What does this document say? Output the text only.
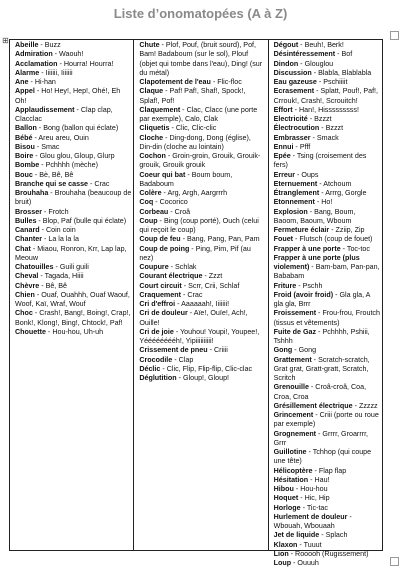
Liste d’onomatopées (A à Z)
⊞ Abeille - Buzz
Admiration - Waouh!
Acclamation - Hourra! Hourra!
Alarme - Iiiiiii, Iiiiiii
Ane - Hi-han
Appel - Ho! Hey!, Hep!, Ohé!, Eh Oh!
Applaudissement - Clap clap, Clacclac
Ballon - Bong (ballon qui éclate)
Bébé - Areu areu, Ouin
Bisou - Smac
Boire - Glou glou, Gloup, Glurp
Bombe - Pchhhh (mèche)
Bouc - Bè, Bê, Bê
Branche qui se casse - Crac
Brouhaha - Brouhaha (beaucoup de bruit)
Brosser - Frotch
Bulles - Blop, Paf (bulle qui éclate)
Canard - Coin coin
Chanter - La la la la
Chat - Miaou, Ronron, Krr, Lap lap, Meouw
Chatouilles - Guili guili
Cheval - Tagada, Hiiii
Chèvre - Bê, Bê
Chien - Ouaf, Ouahhh, Ouaf Waouf, Woof, Kaï, Wraf, Wouf
Choc - Crash!, Bang!, Boing!, Crap!, Bonk!, Klong!, Bing!, Chtock!, Paf!
Chouette - Hou-hou, Uh-uh
Chute - Plof, Pouf, (bruit sourd), Pof, Bam! Badaboum (sur le sol), Plouf (objet qui tombe dans l'eau), Ding! (sur du métal)
Clapotement de l'eau - Flic-floc
Claque - Paf! Paf!, Shaf!, Spock!, Splaf!, Pof!
Claquement - Clac, Clacc (une porte par exemple), Calo, Clak
Cliquetis - Clic, Clic-clic
Cloche - Ding-dong, Dong (église), Din-din (cloche au lointain)
Cochon - Groin-groin, Grouik, Grouik-grouik, Grouik grouik
Coeur qui bat - Boum boum, Badaboum
Colère - Arg, Argh, Aargrrrh
Coq - Cocorico
Corbeau - Croâ
Coup - Bing (coup porté), Ouch (celui qui reçoit le coup)
Coup de feu - Bang, Pang, Pan, Pam
Coup de poing - Ping, Pim, Pif (au nez)
Coupure - Schlak
Courant électrique - Zzzt
Court circuit - Scrr, Crii, Schlaf
Craquement - Crac
Cri d'effroi - Aaaaaah!, Iiiiiii!
Cri de douleur - Aïe!, Ouïe!, Ach!, Ouille!
Cri de joie - Youhou! Youpi!, Youpee!, Yééééééééh!, Yipiiiiiiiiii!
Crissement de pneu - Criiii
Crocodile - Clap
Déclic - Clic, Flip, Flip-flip, Clic-clac
Déglutition - Gloup!, Gloup!
Dégout - Beuh!, Berk!
Désintéressement - Bof
Dindon - Glouglou
Discussion - Blabla, Blablabla
Eau gazeuse - Pschiiiit
Ecrasement - Splatt, Pouf!, Paf!, Crrouk!, Crash!, Scrouitch!
Effort - Han!, Hisssssssss!
Electricité - Bzzzt
Électrocution - Bzzzt
Embrasser - Smack
Ennui - Pfff
Epée - Tsing (croisement des fers)
Erreur - Oups
Eternuement - Atchoum
Étranglement - Arrrg, Gorgle
Etonnement - Ho!
Explosion - Bang, Boum, Baoom, Baoum, Wboum
Fermeture éclair - Zziip, Zip
Fouet - Flutsch (coup de fouet)
Frapper à une porte - Toc-toc
Frapper à une porte (plus violement) - Bam-bam, Pan-pan, Bababam
Friture - Pschh
Froid (avoir froid) - Gla gla, A gla gla, Brrr
Froissement - Frou-frou, Froutch (tissus et vêtements)
Fuite de Gaz - Pchhhh, Pshiii, Tshhh
Gong - Gong
Grattement - Scratch-scratch, Grat grat, Gratt-gratt, Scratch, Scritch
Grenouille - Croâ-croâ, Coa, Croa, Croa
Grésillement électrique - Zzzzz
Grincement - Criii (porte ou roue par exemple)
Grognement - Grrrr, Groarrrr, Grrr
Guillotine - Tchhop (qui coupe une tête)
Hélicoptère - Flap flap
Hésitation - Hau!
Hibou - Hou-hou
Hoquet - Hic, Hip
Horloge - Tic-tac
Hurlement de douleur - Wbouah, Wbouaah
Jet de liquide - Splach
Klaxon - Tuuut
Lion - Rooooh (Rugissement)
Loup - Ouuuh
